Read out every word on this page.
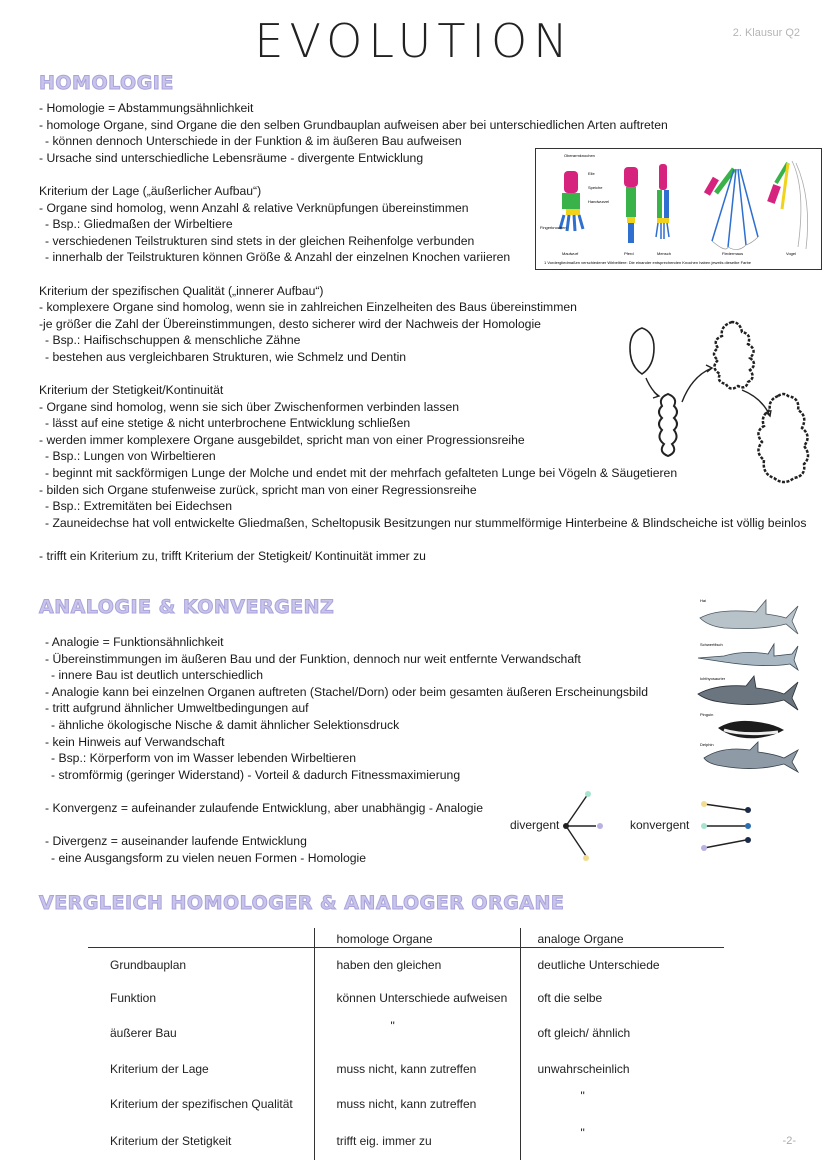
EVOLUTION	2. Klausur Q2
HOMOLOGIE
- Homologie = Abstammungsähnlichkeit
- homologe Organe, sind Organe die den selben Grundbauplan aufweisen aber bei unterschiedlichen Arten auftreten
- können dennoch Unterschiede in der Funktion & im äußeren Bau aufweisen
- Ursache sind unterschiedliche Lebensräume - divergente Entwicklung
Kriterium der Lage („äußerlicher Aufbau“)
- Organe sind homolog, wenn Anzahl & relative Verknüpfungen übereinstimmen
- Bsp.: Gliedmaßen der Wirbeltiere
- verschiedenen Teilstrukturen sind stets in der gleichen Reihenfolge verbunden
- innerhalb der Teilstrukturen können Größe & Anzahl der einzelnen Knochen variieren
Kriterium der spezifischen Qualität („innerer Aufbau“)
- komplexere Organe sind homolog, wenn sie in zahlreichen Einzelheiten des Baus übereinstimmen
-je größer die Zahl der Übereinstimmungen, desto sicherer wird der Nachweis der Homologie
- Bsp.: Haifischschuppen & menschliche Zähne
- bestehen aus vergleichbaren Strukturen, wie Schmelz und Dentin
Kriterium der Stetigkeit/Kontinuität
- Organe sind homolog, wenn sie sich über Zwischenformen verbinden lassen
- lässt auf eine stetige & nicht unterbrochene Entwicklung schließen
- werden immer komplexere Organe ausgebildet, spricht man von einer Progressionsreihe
- Bsp.: Lungen von Wirbeltieren
- beginnt mit sackförmigen Lunge der Molche und endet mit der mehrfach gefalteten Lunge bei Vögeln & Säugetieren
- bilden sich Organe stufenweise zurück, spricht man von einer Regressionsreihe
- Bsp.: Extremitäten bei Eidechsen
- Zauneidechse hat voll entwickelte Gliedmaßen, Scheltopusik Besitzungen nur stummelförmige Hinterbeine & Blindscheiche ist völlig beinlos
- trifft ein Kriterium zu, trifft Kriterium der Stetigkeit/ Kontinuität immer zu
Maulwurf	Pferd	Mensch	Fledermaus	Vogel
Oberarmknochen
Elle
Speiche
Handwurzel
Fingerknochen
1 Vordergliedmaßen verschiedener Wirbeltiere: Die einander entsprechenden Knochen haben jeweils dieselbe Farbe
ANALOGIE & KONVERGENZ
‐ Analogie = Funktionsähnlichkeit
- Übereinstimmungen im äußeren Bau und der Funktion, dennoch nur weit entfernte Verwandschaft
- innere Bau ist deutlich unterschiedlich
- Analogie kann bei einzelnen Organen auftreten (Stachel/Dorn) oder beim gesamten äußeren Erscheinungsbild
- tritt aufgrund ähnlicher Umweltbedingungen auf
- ähnliche ökologische Nische & damit ähnlicher Selektionsdruck
- kein Hinweis auf Verwandschaft
- Bsp.: Körperform von im Wasser lebenden Wirbeltieren
- stromförmig (geringer Widerstand) - Vorteil & dadurch Fitnessmaximierung
- Konvergenz = aufeinander zulaufende Entwicklung, aber unabhängig - Analogie
- Divergenz = auseinander laufende Entwicklung
- eine Ausgangsform zu vielen neuen Formen - Homologie
Hai
Schwertfisch
Ichthyosaurier
Pinguin
Delphin
divergent	konvergent
VERGLEICH HOMOLOGER & ANALOGER ORGANE
	homologe Organe	analoge Organe
Grundbauplan	haben den gleichen	deutliche Unterschiede
Funktion	können Unterschiede aufweisen	oft die selbe
äußerer Bau	"	oft gleich/ ähnlich
Kriterium der Lage	muss nicht, kann zutreffen	unwahrscheinlich
Kriterium der spezifischen Qualität	muss nicht, kann zutreffen	"
Kriterium der Stetigkeit	trifft eig. immer zu	"
-2-
